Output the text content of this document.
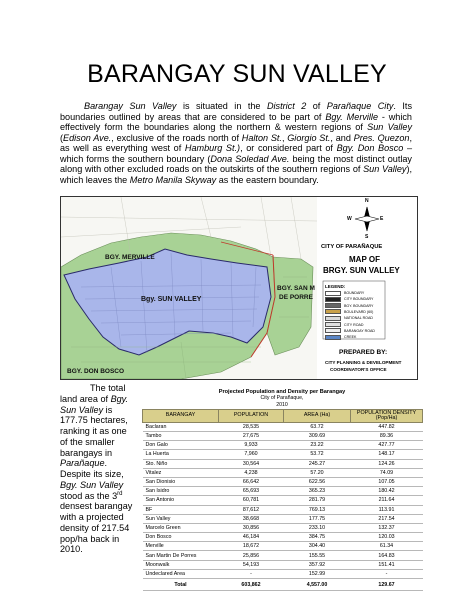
BARANGAY SUN VALLEY

Barangay Sun Valley is situated in the District 2 of Parañaque City. Its boundaries outlined by areas that are considered to be part of Bgy. Merville - which effectively form the boundaries along the northern & western regions of Sun Valley (Edison Ave., exclusive of the roads north of Halton St., Giorgio St., and Pres. Quezon, as well as everything west of Hamburg St.), or considered part of Bgy. Don Bosco – which forms the southern boundary (Dona Soledad Ave. being the most distinct outlay along with other excluded roads on the outskirts of the southern regions of Sun Valley), which leaves the Metro Manila Skyway as the eastern boundary.

BGY. MERVILLE
Bgy. SUN VALLEY
BGY. SAN M
DE PORRE
BGY. DON BOSCO
N
S
E
W
CITY OF PARAÑAQUE
MAP OF
BRGY. SUN VALLEY
LEGEND:
BOUNDARY
CITY BOUNDARY
BGY. BOUNDARY
BOULEVARD (60)
NATIONAL ROAD
CITY ROAD
BARANGAY ROAD
CREEK
PREPARED BY:
CITY PLANNING & DEVELOPMENT
COORDINATOR'S OFFICE

The total land area of Bgy. Sun Valley is 177.75 hectares, ranking it as one of the smaller barangays in Parañaque. Despite its size, Bgy. Sun Valley stood as the 3rd densest barangay with a projected density of 217.54 pop/ha back in 2010.

Projected Population and Density per Barangay
City of Parañaque,
2010
BARANGAY	POPULATION	AREA (Ha)	POPULATION DENSITY (Pop/Ha)
Baclaran	28,535	63.72	447.82
Tambo	27,675	309.69	89.36
Don Galo	9,933	23.22	427.77
La Huerta	7,960	53.72	148.17
Sto. Niño	30,564	245.27	124.26
Vitalez	4,238	57.20	74.09
San Dionisio	66,642	622.56	107.05
San Isidro	65,693	365.23	180.42
San Antonio	60,781	281.79	211.64
BF	87,612	769.13	113.91
Sun Valley	38,668	177.75	217.54
Marcelo Green	30,856	233.10	132.37
Don Bosco	46,184	384.75	120.03
Merville	18,672	304.40	61.34
San Martin De Porres	25,856	155.55	164.83
Moonwalk	54,193	357.92	151.41
Undeclared Area	-	152.99	-
Total	603,862	4,557.00	129.67
